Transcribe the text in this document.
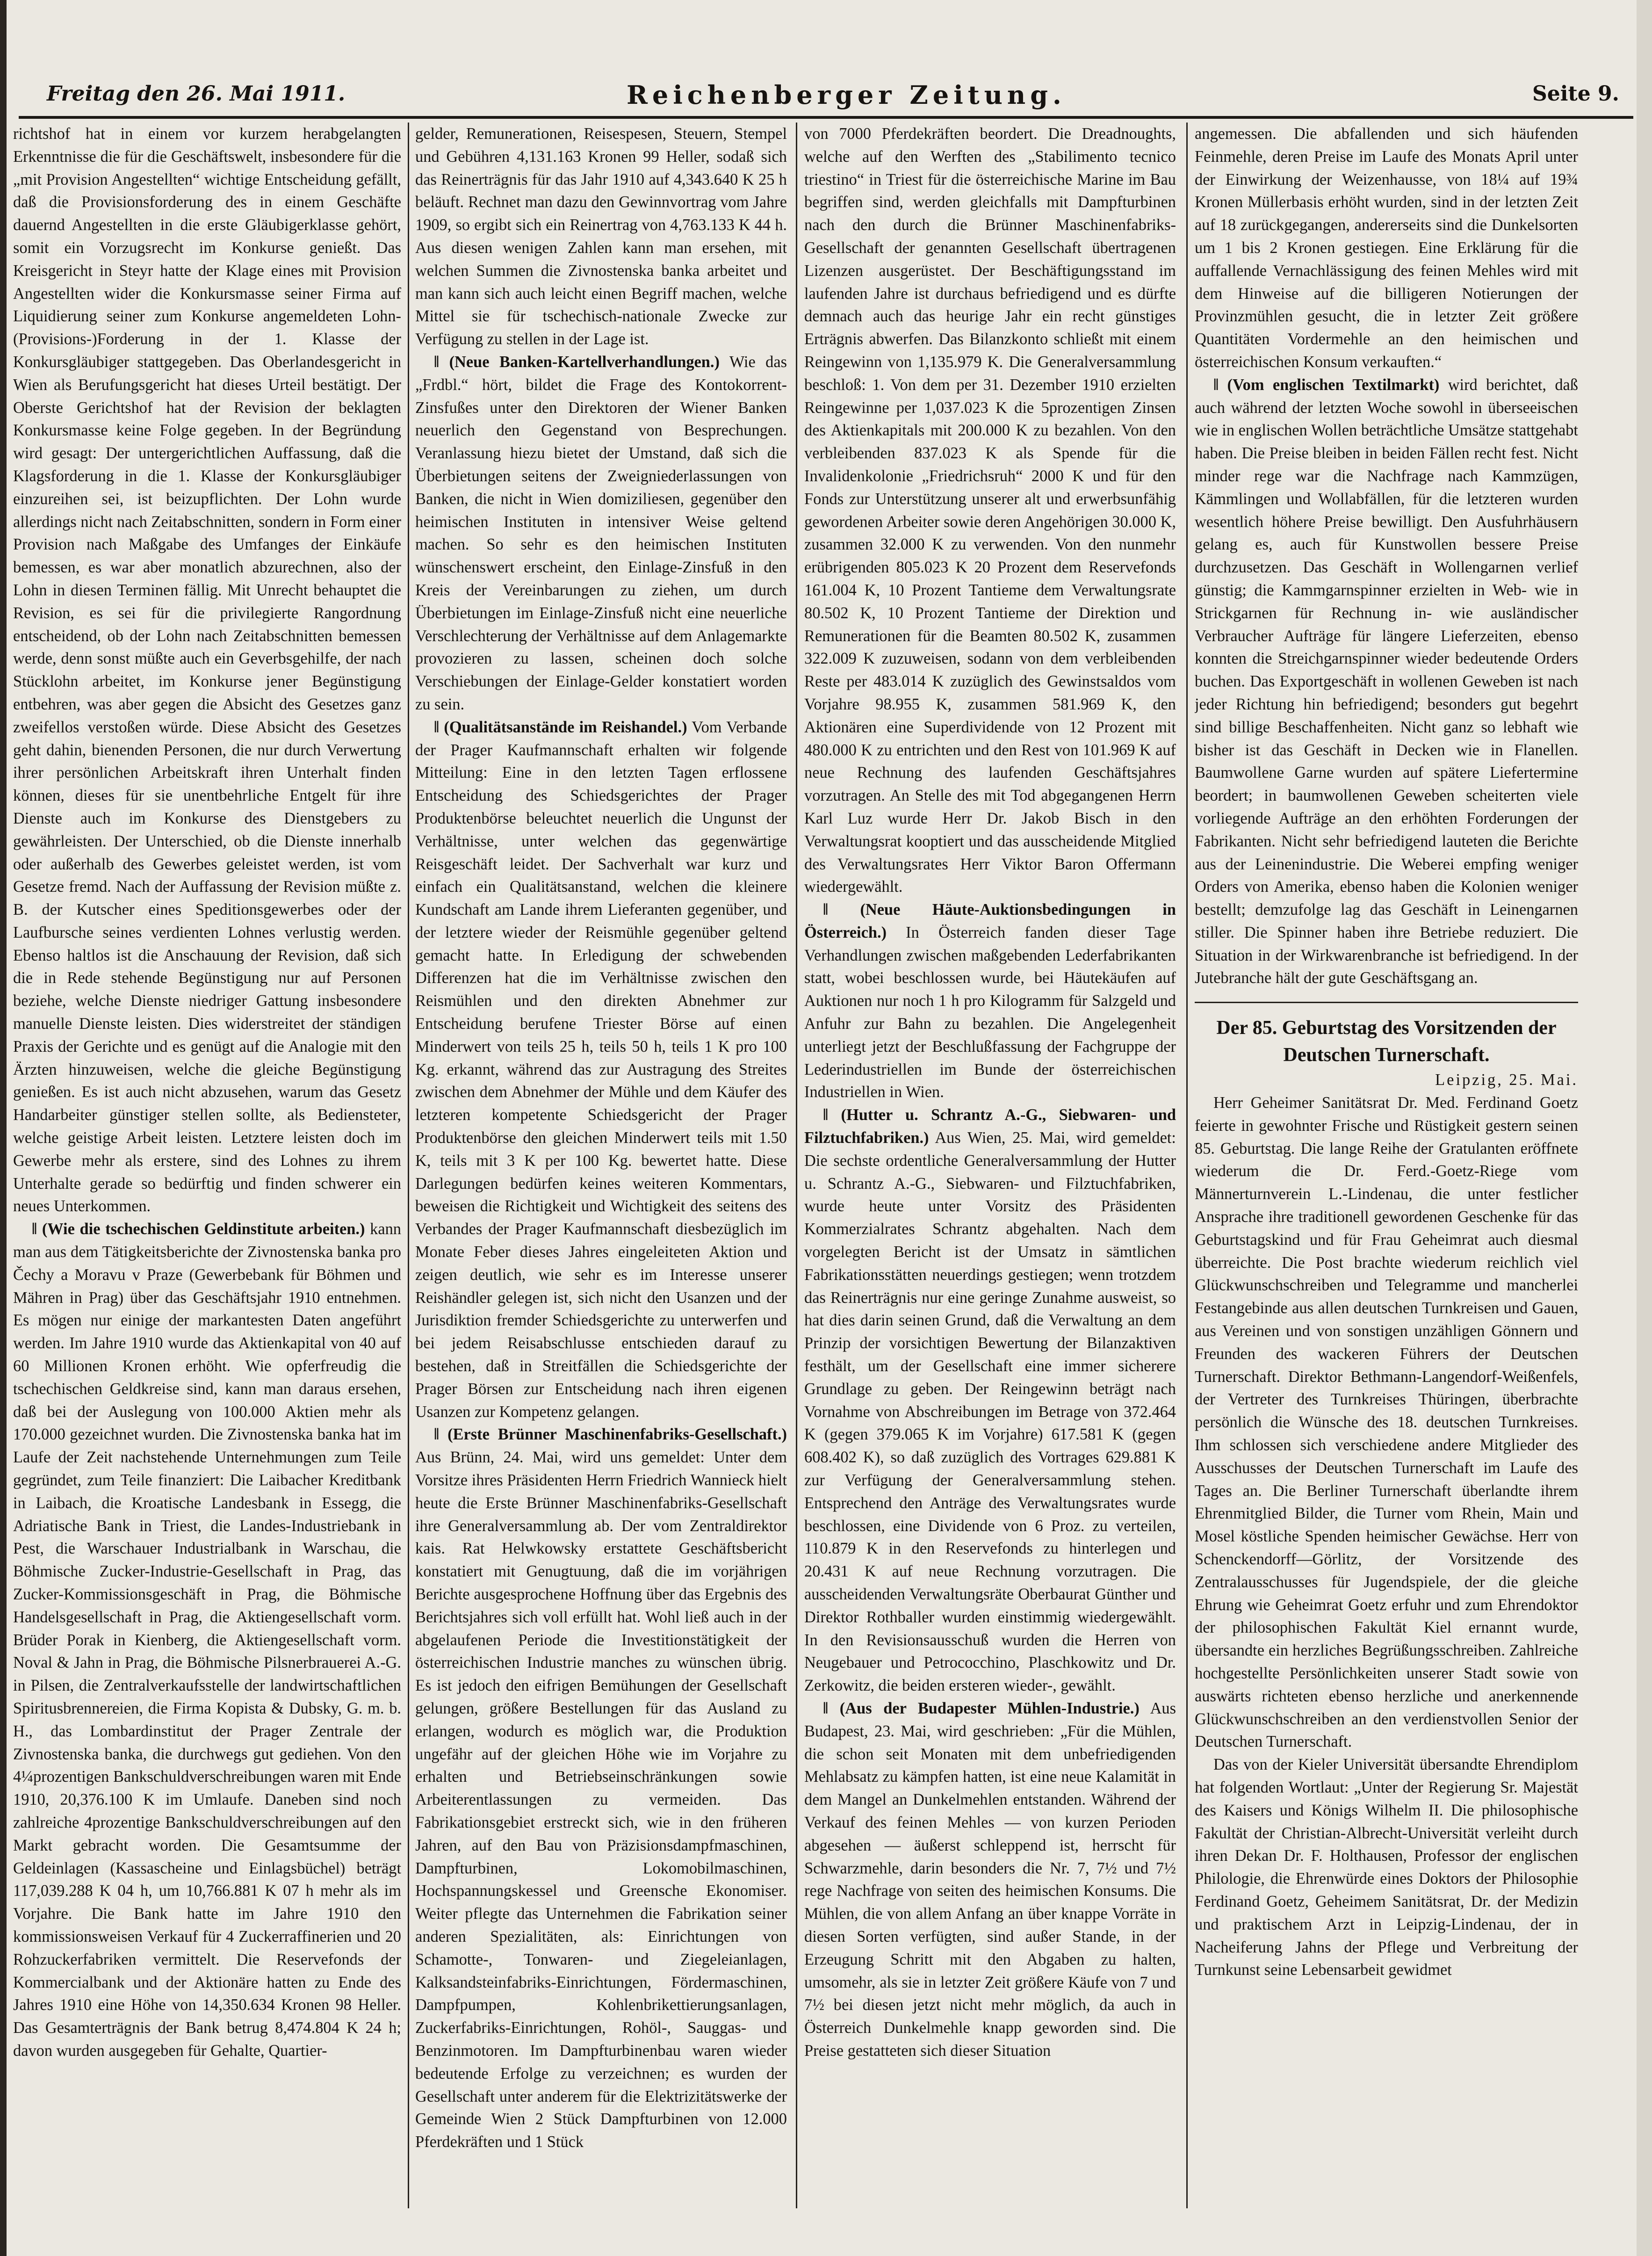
Freitag den 26. Mai 1911.	Reichenberger Zeitung.	Seite 9.

richtshof hat in einem vor kurzem herabgelangten Erkenntnisse die für die Geschäftswelt, insbesondere für die „mit Provision Angestellten“ wichtige Entscheidung gefällt, daß die Provisionsforderung des in einem Geschäfte dauernd Angestellten in die erste Gläubigerklasse gehört, somit ein Vorzugsrecht im Konkurse genießt. Das Kreisgericht in Steyr hatte der Klage eines mit Provision Angestellten wider die Konkursmasse seiner Firma auf Liquidierung seiner zum Konkurse angemeldeten Lohn-(Provisions-)Forderung in der 1. Klasse der Konkursgläubiger stattgegeben. Das Oberlandesgericht in Wien als Berufungsgericht hat dieses Urteil bestätigt. Der Oberste Gerichtshof hat der Revision der beklagten Konkursmasse keine Folge gegeben. In der Begründung wird gesagt: Der untergerichtlichen Auffassung, daß die Klagsforderung in die 1. Klasse der Konkursgläubiger einzureihen sei, ist beizupflichten. Der Lohn wurde allerdings nicht nach Zeitabschnitten, sondern in Form einer Provision nach Maßgabe des Umfanges der Einkäufe bemessen, es war aber monatlich abzurechnen, also der Lohn in diesen Terminen fällig. Mit Unrecht behauptet die Revision, es sei für die privilegierte Rangordnung entscheidend, ob der Lohn nach Zeitabschnitten bemessen werde, denn sonst müßte auch ein Geverbsgehilfe, der nach Stücklohn arbeitet, im Konkurse jener Begünstigung entbehren, was aber gegen die Absicht des Gesetzes ganz zweifellos verstoßen würde. Diese Absicht des Gesetzes geht dahin, bienenden Personen, die nur durch Verwertung ihrer persönlichen Arbeitskraft ihren Unterhalt finden können, dieses für sie unentbehrliche Entgelt für ihre Dienste auch im Konkurse des Dienstgebers zu gewährleisten. Der Unterschied, ob die Dienste innerhalb oder außerhalb des Gewerbes geleistet werden, ist vom Gesetze fremd. Nach der Auffassung der Revision müßte z. B. der Kutscher eines Speditionsgewerbes oder der Laufbursche seines verdienten Lohnes verlustig werden. Ebenso haltlos ist die Anschauung der Revision, daß sich die in Rede stehende Begünstigung nur auf Personen beziehe, welche Dienste niedriger Gattung insbesondere manuelle Dienste leisten. Dies widerstreitet der ständigen Praxis der Gerichte und es genügt auf die Analogie mit den Ärzten hinzuweisen, welche die gleiche Begünstigung genießen. Es ist auch nicht abzusehen, warum das Gesetz Handarbeiter günstiger stellen sollte, als Bediensteter, welche geistige Arbeit leisten. Letztere leisten doch im Gewerbe mehr als erstere, sind des Lohnes zu ihrem Unterhalte gerade so bedürftig und finden schwerer ein neues Unterkommen.

‖ (Wie die tschechischen Geldinstitute arbeiten.) kann man aus dem Tätigkeitsberichte der Zivnostenska banka pro Čechy a Moravu v Praze (Gewerbebank für Böhmen und Mähren in Prag) über das Geschäftsjahr 1910 entnehmen. Es mögen nur einige der markantesten Daten angeführt werden. Im Jahre 1910 wurde das Aktienkapital von 40 auf 60 Millionen Kronen erhöht. Wie opferfreudig die tschechischen Geldkreise sind, kann man daraus ersehen, daß bei der Auslegung von 100.000 Aktien mehr als 170.000 gezeichnet wurden. Die Zivnostenska banka hat im Laufe der Zeit nachstehende Unternehmungen zum Teile gegründet, zum Teile finanziert: Die Laibacher Kreditbank in Laibach, die Kroatische Landesbank in Essegg, die Adriatische Bank in Triest, die Landes-Industriebank in Pest, die Warschauer Industrialbank in Warschau, die Böhmische Zucker-Industrie-Gesellschaft in Prag, das Zucker-Kommissionsgeschäft in Prag, die Böhmische Handelsgesellschaft in Prag, die Aktiengesellschaft vorm. Brüder Porak in Kienberg, die Aktiengesellschaft vorm. Noval & Jahn in Prag, die Böhmische Pilsnerbrauerei A.-G. in Pilsen, die Zentralverkaufsstelle der landwirtschaftlichen Spiritusbrennereien, die Firma Kopista & Dubsky, G. m. b. H., das Lombardinstitut der Prager Zentrale der Zivnostenska banka, die durchwegs gut gediehen. Von den 4¼prozentigen Bankschuldverschreibungen waren mit Ende 1910, 20,376.100 K im Umlaufe. Daneben sind noch zahlreiche 4prozentige Bankschuldverschreibungen auf den Markt gebracht worden. Die Gesamtsumme der Geldeinlagen (Kassascheine und Einlagsbüchel) beträgt 117,039.288 K 04 h, um 10,766.881 K 07 h mehr als im Vorjahre. Die Bank hatte im Jahre 1910 den kommissionsweisen Verkauf für 4 Zuckerraffinerien und 20 Rohzuckerfabriken vermittelt. Die Reservefonds der Kommercialbank und der Aktionäre hatten zu Ende des Jahres 1910 eine Höhe von 14,350.634 Kronen 98 Heller. Das Gesamterträgnis der Bank betrug 8,474.804 K 24 h; davon wurden ausgegeben für Gehalte, Quartier-

gelder, Remunerationen, Reisespesen, Steuern, Stempel und Gebühren 4,131.163 Kronen 99 Heller, sodaß sich das Reinerträgnis für das Jahr 1910 auf 4,343.640 K 25 h beläuft. Rechnet man dazu den Gewinnvortrag vom Jahre 1909, so ergibt sich ein Reinertrag von 4,763.133 K 44 h. Aus diesen wenigen Zahlen kann man ersehen, mit welchen Summen die Zivnostenska banka arbeitet und man kann sich auch leicht einen Begriff machen, welche Mittel sie für tschechisch-nationale Zwecke zur Verfügung zu stellen in der Lage ist.

‖ (Neue Banken-Kartellverhandlungen.) Wie das „Frdbl.“ hört, bildet die Frage des Kontokorrent-Zinsfußes unter den Direktoren der Wiener Banken neuerlich den Gegenstand von Besprechungen. Veranlassung hiezu bietet der Umstand, daß sich die Überbietungen seitens der Zweigniederlassungen von Banken, die nicht in Wien domiziliesen, gegenüber den heimischen Instituten in intensiver Weise geltend machen. So sehr es den heimischen Instituten wünschenswert erscheint, den Einlage-Zinsfuß in den Kreis der Vereinbarungen zu ziehen, um durch Überbietungen im Einlage-Zinsfuß nicht eine neuerliche Verschlechterung der Verhältnisse auf dem Anlagemarkte provozieren zu lassen, scheinen doch solche Verschiebungen der Einlage-Gelder konstatiert worden zu sein.

‖ (Qualitätsanstände im Reishandel.) Vom Verbande der Prager Kaufmannschaft erhalten wir folgende Mitteilung: Eine in den letzten Tagen erflossene Entscheidung des Schiedsgerichtes der Prager Produktenbörse beleuchtet neuerlich die Ungunst der Verhältnisse, unter welchen das gegenwärtige Reisgeschäft leidet. Der Sachverhalt war kurz und einfach ein Qualitätsanstand, welchen die kleinere Kundschaft am Lande ihrem Lieferanten gegenüber, und der letztere wieder der Reismühle gegenüber geltend gemacht hatte. In Erledigung der schwebenden Differenzen hat die im Verhältnisse zwischen den Reismühlen und den direkten Abnehmer zur Entscheidung berufene Triester Börse auf einen Minderwert von teils 25 h, teils 50 h, teils 1 K pro 100 Kg. erkannt, während das zur Austragung des Streites zwischen dem Abnehmer der Mühle und dem Käufer des letzteren kompetente Schiedsgericht der Prager Produktenbörse den gleichen Minderwert teils mit 1.50 K, teils mit 3 K per 100 Kg. bewertet hatte. Diese Darlegungen bedürfen keines weiteren Kommentars, beweisen die Richtigkeit und Wichtigkeit des seitens des Verbandes der Prager Kaufmannschaft diesbezüglich im Monate Feber dieses Jahres eingeleiteten Aktion und zeigen deutlich, wie sehr es im Interesse unserer Reishändler gelegen ist, sich nicht den Usanzen und der Jurisdiktion fremder Schiedsgerichte zu unterwerfen und bei jedem Reisabschlusse entschieden darauf zu bestehen, daß in Streitfällen die Schiedsgerichte der Prager Börsen zur Entscheidung nach ihren eigenen Usanzen zur Kompetenz gelangen.

‖ (Erste Brünner Maschinenfabriks-Gesellschaft.) Aus Brünn, 24. Mai, wird uns gemeldet: Unter dem Vorsitze ihres Präsidenten Herrn Friedrich Wannieck hielt heute die Erste Brünner Maschinenfabriks-Gesellschaft ihre Generalversammlung ab. Der vom Zentraldirektor kais. Rat Helwkowsky erstattete Geschäftsbericht konstatiert mit Genugtuung, daß die im vorjährigen Berichte ausgesprochene Hoffnung über das Ergebnis des Berichtsjahres sich voll erfüllt hat. Wohl ließ auch in der abgelaufenen Periode die Investitionstätigkeit der österreichischen Industrie manches zu wünschen übrig. Es ist jedoch den eifrigen Bemühungen der Gesellschaft gelungen, größere Bestellungen für das Ausland zu erlangen, wodurch es möglich war, die Produktion ungefähr auf der gleichen Höhe wie im Vorjahre zu erhalten und Betriebseinschränkungen sowie Arbeiterentlassungen zu vermeiden. Das Fabrikationsgebiet erstreckt sich, wie in den früheren Jahren, auf den Bau von Präzisionsdampfmaschinen, Dampfturbinen, Lokomobilmaschinen, Hochspannungskessel und Greensche Ekonomiser. Weiter pflegte das Unternehmen die Fabrikation seiner anderen Spezialitäten, als: Einrichtungen von Schamotte-, Tonwaren- und Ziegeleianlagen, Kalksandsteinfabriks-Einrichtungen, Fördermaschinen, Dampfpumpen, Kohlenbrikettierungsanlagen, Zuckerfabriks-Einrichtungen, Rohöl-, Sauggas- und Benzinmotoren. Im Dampfturbinenbau waren wieder bedeutende Erfolge zu verzeichnen; es wurden der Gesellschaft unter anderem für die Elektrizitätswerke der Gemeinde Wien 2 Stück Dampfturbinen von 12.000 Pferdekräften und 1 Stück

von 7000 Pferdekräften beordert. Die Dreadnoughts, welche auf den Werften des „Stabilimento tecnico triestino“ in Triest für die österreichische Marine im Bau begriffen sind, werden gleichfalls mit Dampfturbinen nach den durch die Brünner Maschinenfabriks-Gesellschaft der genannten Gesellschaft übertragenen Lizenzen ausgerüstet. Der Beschäftigungsstand im laufenden Jahre ist durchaus befriedigend und es dürfte demnach auch das heurige Jahr ein recht günstiges Erträgnis abwerfen. Das Bilanzkonto schließt mit einem Reingewinn von 1,135.979 K. Die Generalversammlung beschloß: 1. Von dem per 31. Dezember 1910 erzielten Reingewinne per 1,037.023 K die 5prozentigen Zinsen des Aktienkapitals mit 200.000 K zu bezahlen. Von den verbleibenden 837.023 K als Spende für die Invalidenkolonie „Friedrichsruh“ 2000 K und für den Fonds zur Unterstützung unserer alt und erwerbsunfähig gewordenen Arbeiter sowie deren Angehörigen 30.000 K, zusammen 32.000 K zu verwenden. Von den nunmehr erübrigenden 805.023 K 20 Prozent dem Reservefonds 161.004 K, 10 Prozent Tantieme dem Verwaltungsrate 80.502 K, 10 Prozent Tantieme der Direktion und Remunerationen für die Beamten 80.502 K, zusammen 322.009 K zuzuweisen, sodann von dem verbleibenden Reste per 483.014 K zuzüglich des Gewinstsaldos vom Vorjahre 98.955 K, zusammen 581.969 K, den Aktionären eine Superdividende von 12 Prozent mit 480.000 K zu entrichten und den Rest von 101.969 K auf neue Rechnung des laufenden Geschäftsjahres vorzutragen. An Stelle des mit Tod abgegangenen Herrn Karl Luz wurde Herr Dr. Jakob Bisch in den Verwaltungsrat kooptiert und das ausscheidende Mitglied des Verwaltungsrates Herr Viktor Baron Offermann wiedergewählt.

‖ (Neue Häute-Auktionsbedingungen in Österreich.) In Österreich fanden dieser Tage Verhandlungen zwischen maßgebenden Lederfabrikanten statt, wobei beschlossen wurde, bei Häutekäufen auf Auktionen nur noch 1 h pro Kilogramm für Salzgeld und Anfuhr zur Bahn zu bezahlen. Die Angelegenheit unterliegt jetzt der Beschlußfassung der Fachgruppe der Lederindustriellen im Bunde der österreichischen Industriellen in Wien.

‖ (Hutter u. Schrantz A.-G., Siebwaren- und Filztuchfabriken.) Aus Wien, 25. Mai, wird gemeldet: Die sechste ordentliche Generalversammlung der Hutter u. Schrantz A.-G., Siebwaren- und Filztuchfabriken, wurde heute unter Vorsitz des Präsidenten Kommerzialrates Schrantz abgehalten. Nach dem vorgelegten Bericht ist der Umsatz in sämtlichen Fabrikationsstätten neuerdings gestiegen; wenn trotzdem das Reinerträgnis nur eine geringe Zunahme ausweist, so hat dies darin seinen Grund, daß die Verwaltung an dem Prinzip der vorsichtigen Bewertung der Bilanzaktiven festhält, um der Gesellschaft eine immer sicherere Grundlage zu geben. Der Reingewinn beträgt nach Vornahme von Abschreibungen im Betrage von 372.464 K (gegen 379.065 K im Vorjahre) 617.581 K (gegen 608.402 K), so daß zuzüglich des Vortrages 629.881 K zur Verfügung der Generalversammlung stehen. Entsprechend den Anträge des Verwaltungsrates wurde beschlossen, eine Dividende von 6 Proz. zu verteilen, 110.879 K in den Reservefonds zu hinterlegen und 20.431 K auf neue Rechnung vorzutragen. Die ausscheidenden Verwaltungsräte Oberbaurat Günther und Direktor Rothballer wurden einstimmig wiedergewählt. In den Revisionsausschuß wurden die Herren von Neugebauer und Petrococchino, Plaschkowitz und Dr. Zerkowitz, die beiden ersteren wieder-, gewählt.

‖ (Aus der Budapester Mühlen-Industrie.) Aus Budapest, 23. Mai, wird geschrieben: „Für die Mühlen, die schon seit Monaten mit dem unbefriedigenden Mehlabsatz zu kämpfen hatten, ist eine neue Kalamität in dem Mangel an Dunkelmehlen entstanden. Während der Verkauf des feinen Mehles — von kurzen Perioden abgesehen — äußerst schleppend ist, herrscht für Schwarzmehle, darin besonders die Nr. 7, 7½ und 7½ rege Nachfrage von seiten des heimischen Konsums. Die Mühlen, die von allem Anfang an über knappe Vorräte in diesen Sorten verfügten, sind außer Stande, in der Erzeugung Schritt mit den Abgaben zu halten, umsomehr, als sie in letzter Zeit größere Käufe von 7 und 7½ bei diesen jetzt nicht mehr möglich, da auch in Österreich Dunkelmehle knapp geworden sind. Die Preise gestatteten sich dieser Situation

angemessen. Die abfallenden und sich häufenden Feinmehle, deren Preise im Laufe des Monats April unter der Einwirkung der Weizenhausse, von 18¼ auf 19¾ Kronen Müllerbasis erhöht wurden, sind in der letzten Zeit auf 18 zurückgegangen, andererseits sind die Dunkelsorten um 1 bis 2 Kronen gestiegen. Eine Erklärung für die auffallende Vernachlässigung des feinen Mehles wird mit dem Hinweise auf die billigeren Notierungen der Provinzmühlen gesucht, die in letzter Zeit größere Quantitäten Vordermehle an den heimischen und österreichischen Konsum verkauften.“

‖ (Vom englischen Textilmarkt) wird berichtet, daß auch während der letzten Woche sowohl in überseeischen wie in englischen Wollen beträchtliche Umsätze stattgehabt haben. Die Preise bleiben in beiden Fällen recht fest. Nicht minder rege war die Nachfrage nach Kammzügen, Kämmlingen und Wollabfällen, für die letzteren wurden wesentlich höhere Preise bewilligt. Den Ausfuhrhäusern gelang es, auch für Kunstwollen bessere Preise durchzusetzen. Das Geschäft in Wollengarnen verlief günstig; die Kammgarnspinner erzielten in Web- wie in Strickgarnen für Rechnung in- wie ausländischer Verbraucher Aufträge für längere Lieferzeiten, ebenso konnten die Streichgarnspinner wieder bedeutende Orders buchen. Das Exportgeschäft in wollenen Geweben ist nach jeder Richtung hin befriedigend; besonders gut begehrt sind billige Beschaffenheiten. Nicht ganz so lebhaft wie bisher ist das Geschäft in Decken wie in Flanellen. Baumwollene Garne wurden auf spätere Liefertermine beordert; in baumwollenen Geweben scheiterten viele vorliegende Aufträge an den erhöhten Forderungen der Fabrikanten. Nicht sehr befriedigend lauteten die Berichte aus der Leinenindustrie. Die Weberei empfing weniger Orders von Amerika, ebenso haben die Kolonien weniger bestellt; demzufolge lag das Geschäft in Leinengarnen stiller. Die Spinner haben ihre Betriebe reduziert. Die Situation in der Wirkwarenbranche ist befriedigend. In der Jutebranche hält der gute Geschäftsgang an.

Der 85. Geburtstag des Vorsitzenden der Deutschen Turnerschaft.

Leipzig, 25. Mai.

Herr Geheimer Sanitätsrat Dr. Med. Ferdinand Goetz feierte in gewohnter Frische und Rüstigkeit gestern seinen 85. Geburtstag. Die lange Reihe der Gratulanten eröffnete wiederum die Dr. Ferd.-Goetz-Riege vom Männerturnverein L.-Lindenau, die unter festlicher Ansprache ihre traditionell gewordenen Geschenke für das Geburtstagskind und für Frau Geheimrat auch diesmal überreichte. Die Post brachte wiederum reichlich viel Glückwunschschreiben und Telegramme und mancherlei Festangebinde aus allen deutschen Turnkreisen und Gauen, aus Vereinen und von sonstigen unzähligen Gönnern und Freunden des wackeren Führers der Deutschen Turnerschaft. Direktor Bethmann-Langendorf-Weißenfels, der Vertreter des Turnkreises Thüringen, überbrachte persönlich die Wünsche des 18. deutschen Turnkreises. Ihm schlossen sich verschiedene andere Mitglieder des Ausschusses der Deutschen Turnerschaft im Laufe des Tages an. Die Berliner Turnerschaft überlandte ihrem Ehrenmitglied Bilder, die Turner vom Rhein, Main und Mosel köstliche Spenden heimischer Gewächse. Herr von Schenckendorff—Görlitz, der Vorsitzende des Zentralausschusses für Jugendspiele, der die gleiche Ehrung wie Geheimrat Goetz erfuhr und zum Ehrendoktor der philosophischen Fakultät Kiel ernannt wurde, übersandte ein herzliches Begrüßungsschreiben. Zahlreiche hochgestellte Persönlichkeiten unserer Stadt sowie von auswärts richteten ebenso herzliche und anerkennende Glückwunschschreiben an den verdienstvollen Senior der Deutschen Turnerschaft.

Das von der Kieler Universität übersandte Ehrendiplom hat folgenden Wortlaut: „Unter der Regierung Sr. Majestät des Kaisers und Königs Wilhelm II. Die philosophische Fakultät der Christian-Albrecht-Universität verleiht durch ihren Dekan Dr. F. Holthausen, Professor der englischen Philologie, die Ehrenwürde eines Doktors der Philosophie Ferdinand Goetz, Geheimem Sanitätsrat, Dr. der Medizin und praktischem Arzt in Leipzig-Lindenau, der in Nacheiferung Jahns der Pflege und Verbreitung der Turnkunst seine Lebensarbeit gewidmet
